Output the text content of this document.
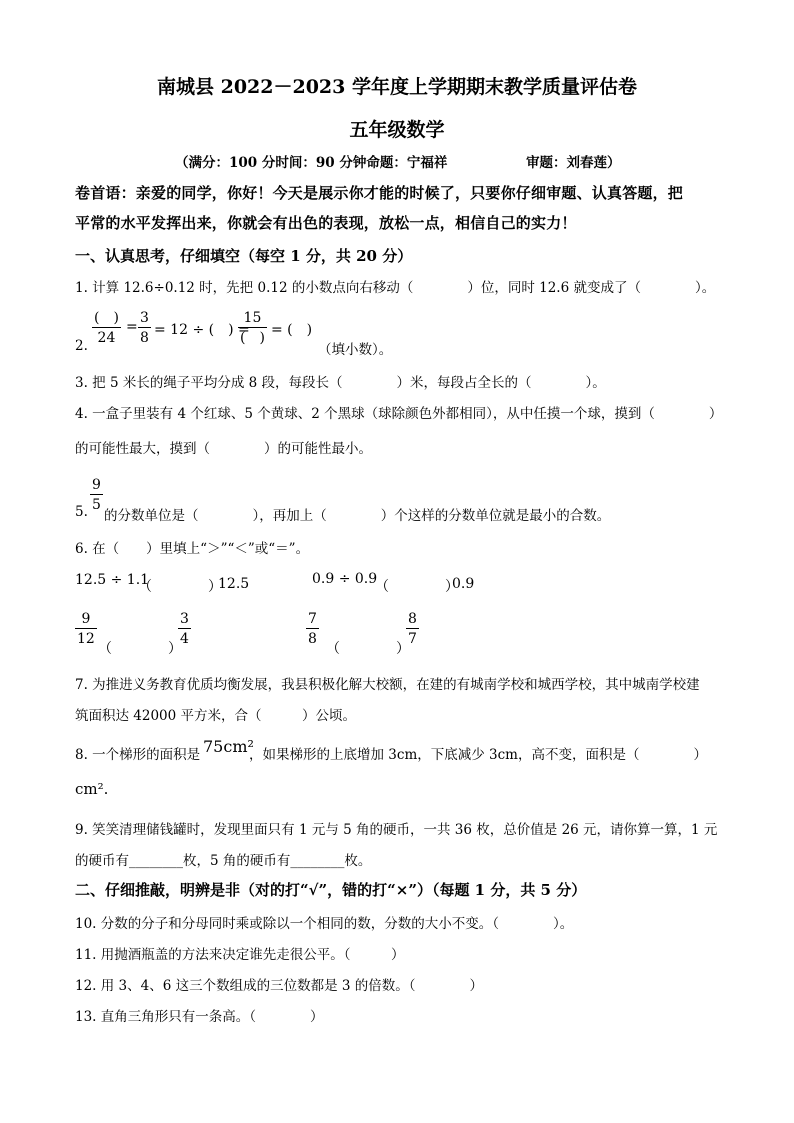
南城县 2022－2023 学年度上学期期末教学质量评估卷
五年级数学
（满分：100 分时间：90 分钟命题：宁福祥	审题：刘春莲）
卷首语：亲爱的同学，你好！今天是展示你才能的时候了，只要你仔细审题、认真答题，把
平常的水平发挥出来，你就会有出色的表现，放松一点，相信自己的实力！
一、认真思考，仔细填空（每空 1 分，共 20 分）
1. 计算 12.6÷0.12 时，先把 0.12 的小数点向右移动（　　　　）位，同时 12.6 就变成了（　　　　）。
2.
(　)
24
=
3
8 = 12 ÷ (　) =
15
(　) = (　)
（填小数）。
3. 把 5 米长的绳子平均分成 8 段，每段长（　　　　）米，每段占全长的（　　　　）。
4. 一盒子里装有 4 个红球、5 个黄球、2 个黑球（球除颜色外都相同），从中任摸一个球，摸到（　　　　）
的可能性最大，摸到（　　　　）的可能性最小。
5.
9
5
的分数单位是（　　　　），再加上（　　　　）个这样的分数单位就是最小的合数。
6. 在（　　）里填上“＞”“＜”或“＝”。
12.5 ÷ 1.1
（　　　　）
12.5	0.9 ÷ 0.9
（　　　　）
0.9
9
12
（　　　　）
3
4
7
8
（　　　　）
8
7
7. 为推进义务教育优质均衡发展，我县积极化解大校额，在建的有城南学校和城西学校，其中城南学校建
筑面积达 42000 平方米，合（　　　）公顷。
8. 一个梯形的面积是 75cm²
，如果梯形的上底增加 3cm，下底减少 3cm，高不变，面积是（　　　　）
cm².
9. 笑笑清理储钱罐时，发现里面只有 1 元与 5 角的硬币，一共 36 枚，总价值是 26 元，请你算一算，1 元
的硬币有________枚，5 角的硬币有________枚。
二、仔细推敲，明辨是非（对的打“√”，错的打“×”）（每题 1 分，共 5 分）
10. 分数的分子和分母同时乘或除以一个相同的数，分数的大小不变。（　　　　）。
11. 用抛酒瓶盖的方法来决定谁先走很公平。（　　　）
12. 用 3、4、6 这三个数组成的三位数都是 3 的倍数。（　　　　）
13. 直角三角形只有一条高。（　　　　）
